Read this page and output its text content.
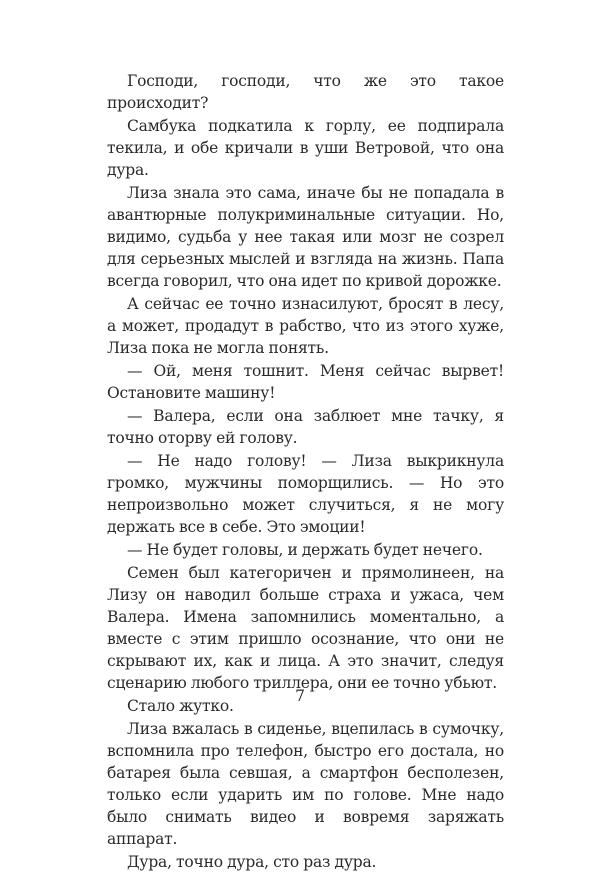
Господи, господи, что же это такое происходит?

Самбука подкатила к горлу, ее подпирала текила, и обе кричали в уши Ветровой, что она дура.

Лиза знала это сама, иначе бы не попадала в авантюрные полукриминальные ситуации. Но, видимо, судьба у нее такая или мозг не созрел для серьезных мыслей и взгляда на жизнь. Папа всегда говорил, что она идет по кривой дорожке.

А сейчас ее точно изнасилуют, бросят в лесу, а может, продадут в рабство, что из этого хуже, Лиза пока не могла понять.

— Ой, меня тошнит. Меня сейчас вырвет! Остановите машину!

— Валера, если она заблюет мне тачку, я точно оторву ей голову.

— Не надо голову! — Лиза выкрикнула громко, мужчины поморщились. — Но это непроизвольно может случиться, я не могу держать все в себе. Это эмоции!

— Не будет головы, и держать будет нечего.

Семен был категоричен и прямолинеен, на Лизу он наводил больше страха и ужаса, чем Валера. Имена запомнились моментально, а вместе с этим пришло осознание, что они не скрывают их, как и лица. А это значит, следуя сценарию любого триллера, они ее точно убьют.

Стало жутко.

Лиза вжалась в сиденье, вцепилась в сумочку, вспомнила про телефон, быстро его достала, но батарея была севшая, а смартфон бесполезен, только если ударить им по голове. Мне надо было снимать видео и вовремя заряжать аппарат.

Дура, точно дура, сто раз дура.

7
